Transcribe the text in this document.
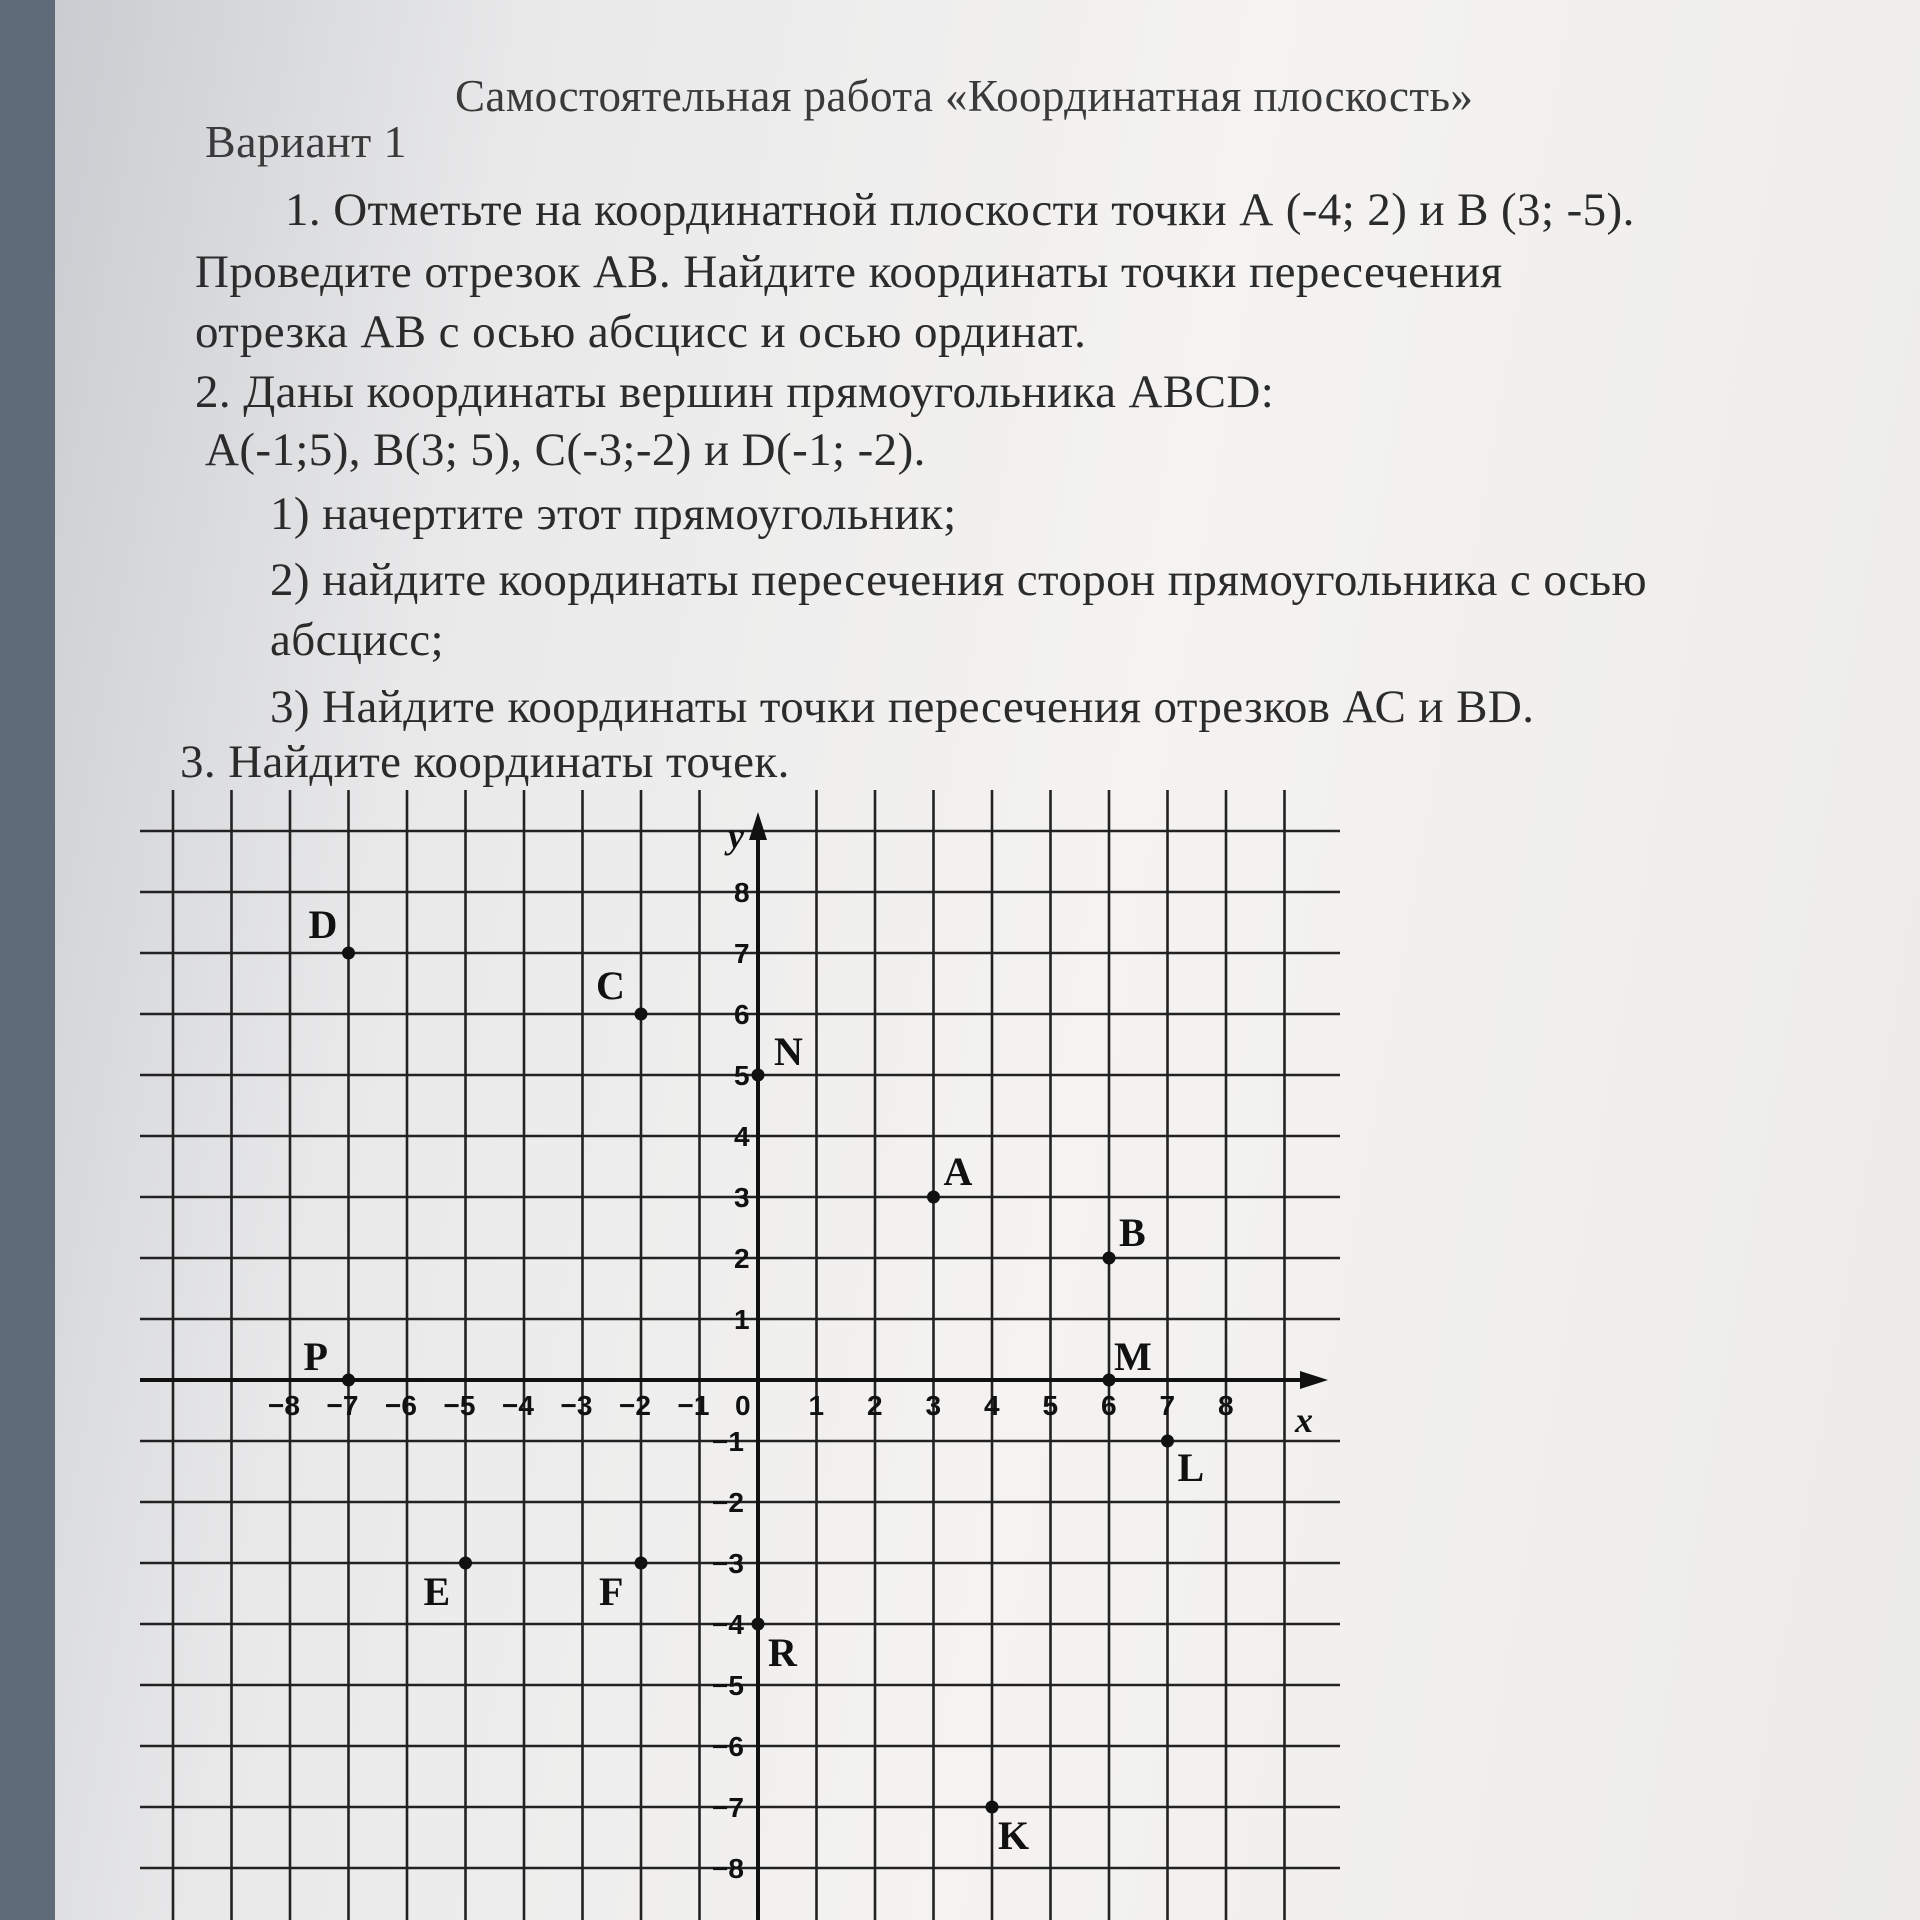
Самостоятельная работа «Координатная плоскость»
Вариант 1
1. Отметьте на координатной плоскости точки А (-4; 2) и В (3; -5).
Проведите отрезок АВ. Найдите координаты точки пересечения
отрезка АВ с осью абсцисс и осью ординат.
2. Даны координаты вершин прямоугольника ABCD:
A(-1;5), B(3; 5), C(-3;-2) и D(-1; -2).
1) начертите этот прямоугольник;
2) найдите координаты пересечения сторон прямоугольника с осью
абсцисс;
3) Найдите координаты точки пересечения отрезков АС и BD.
3. Найдите координаты точек.
x
y
0
−8 −7 −6 −5 −4 −3 −2 −1	1 2 3 4 5 6 7 8
8
7
6
5
4
3
2
1
−1
−2
−3
−4
−5
−6
−7
−8
D
C
N
A
B
P	M
L
E	F
R
K
